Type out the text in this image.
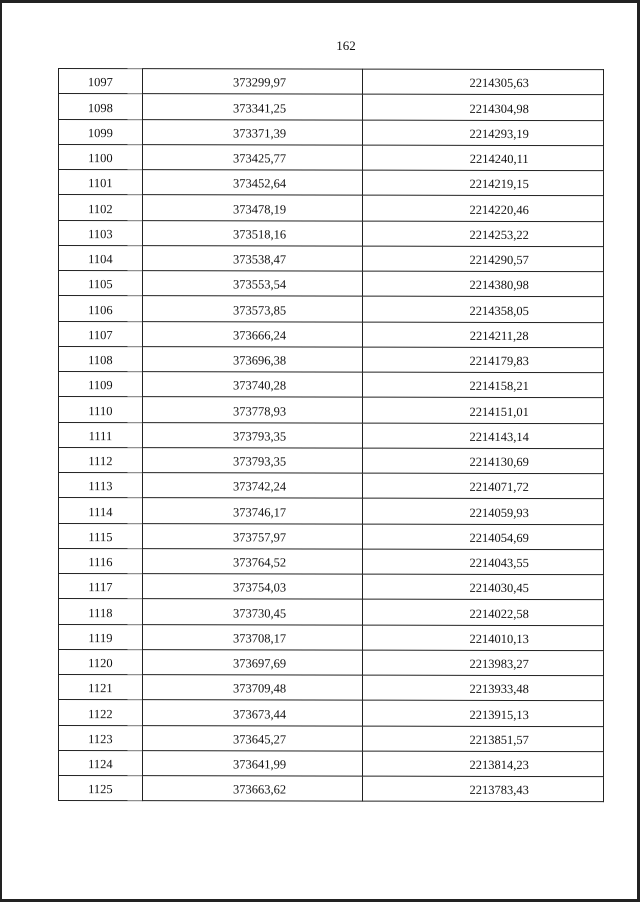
162
1097	373299,97	2214305,63

1098	373341,25	2214304,98

1099	373371,39	2214293,19

1100	373425,77	2214240,11

1101	373452,64	2214219,15

1102	373478,19	2214220,46

1103	373518,16	2214253,22

1104	373538,47	2214290,57

1105	373553,54	2214380,98

1106	373573,85	2214358,05

1107	373666,24	2214211,28

1108	373696,38	2214179,83

1109	373740,28	2214158,21

1110	373778,93	2214151,01

1111	373793,35	2214143,14

1112	373793,35	2214130,69

1113	373742,24	2214071,72

1114	373746,17	2214059,93

1115	373757,97	2214054,69

1116	373764,52	2214043,55

1117	373754,03	2214030,45

1118	373730,45	2214022,58

1119	373708,17	2214010,13

1120	373697,69	2213983,27

1121	373709,48	2213933,48

1122	373673,44	2213915,13

1123	373645,27	2213851,57

1124	373641,99	2213814,23

1125	373663,62	2213783,43
